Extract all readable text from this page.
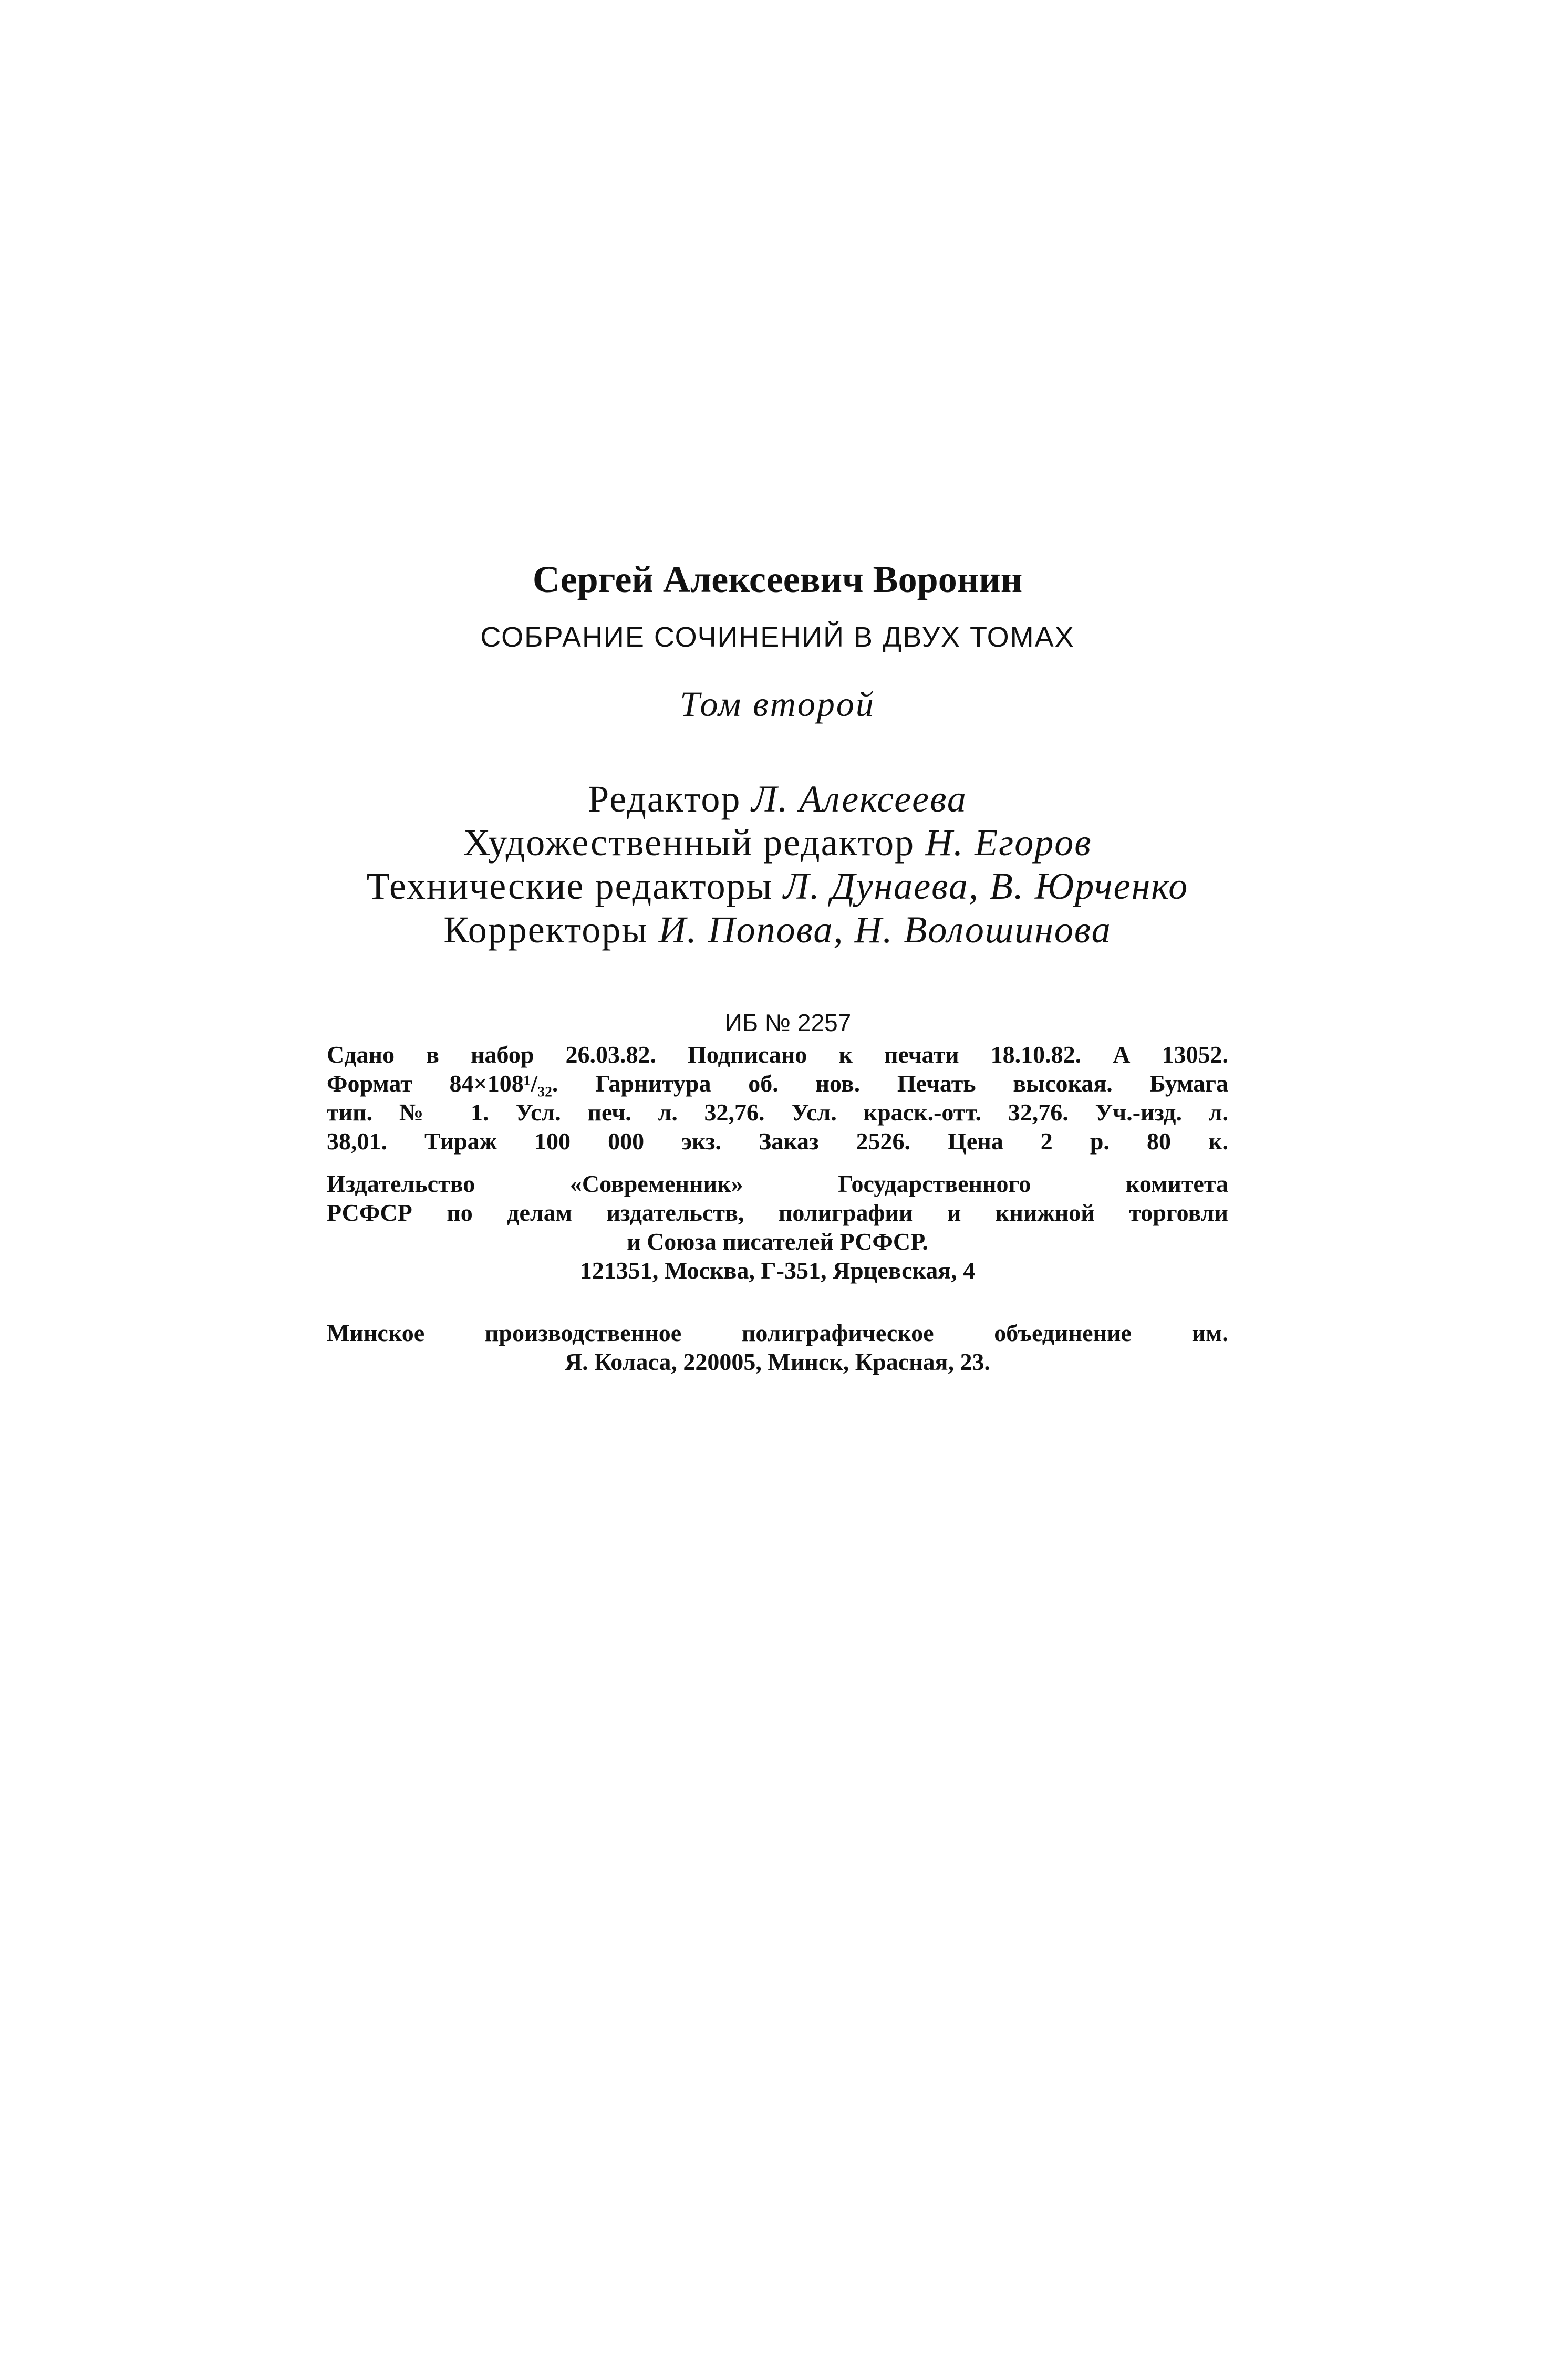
Сергей Алексеевич Воронин
СОБРАНИЕ СОЧИНЕНИЙ В ДВУХ ТОМАХ
Том второй
Редактор Л. Алексеева
Художественный редактор Н. Егоров
Технические редакторы Л. Дунаева, В. Юрченко
Корректоры И. Попова, Н. Волошинова
ИБ № 2257
Сдано в набор 26.03.82. Подписано к печати 18.10.82. А 13052.
Формат 84×108¹/₃₂. Гарнитура об. нов. Печать высокая. Бумага
тип. № 1. Усл. печ. л. 32,76. Усл. краск.-отт. 32,76. Уч.-изд. л.
38,01. Тираж 100 000 экз. Заказ 2526. Цена 2 р. 80 к.
Издательство «Современник» Государственного комитета
РСФСР по делам издательств, полиграфии и книжной торговли
и Союза писателей РСФСР.
121351, Москва, Г-351, Ярцевская, 4
Минское производственное полиграфическое объединение им.
Я. Коласа, 220005, Минск, Красная, 23.
